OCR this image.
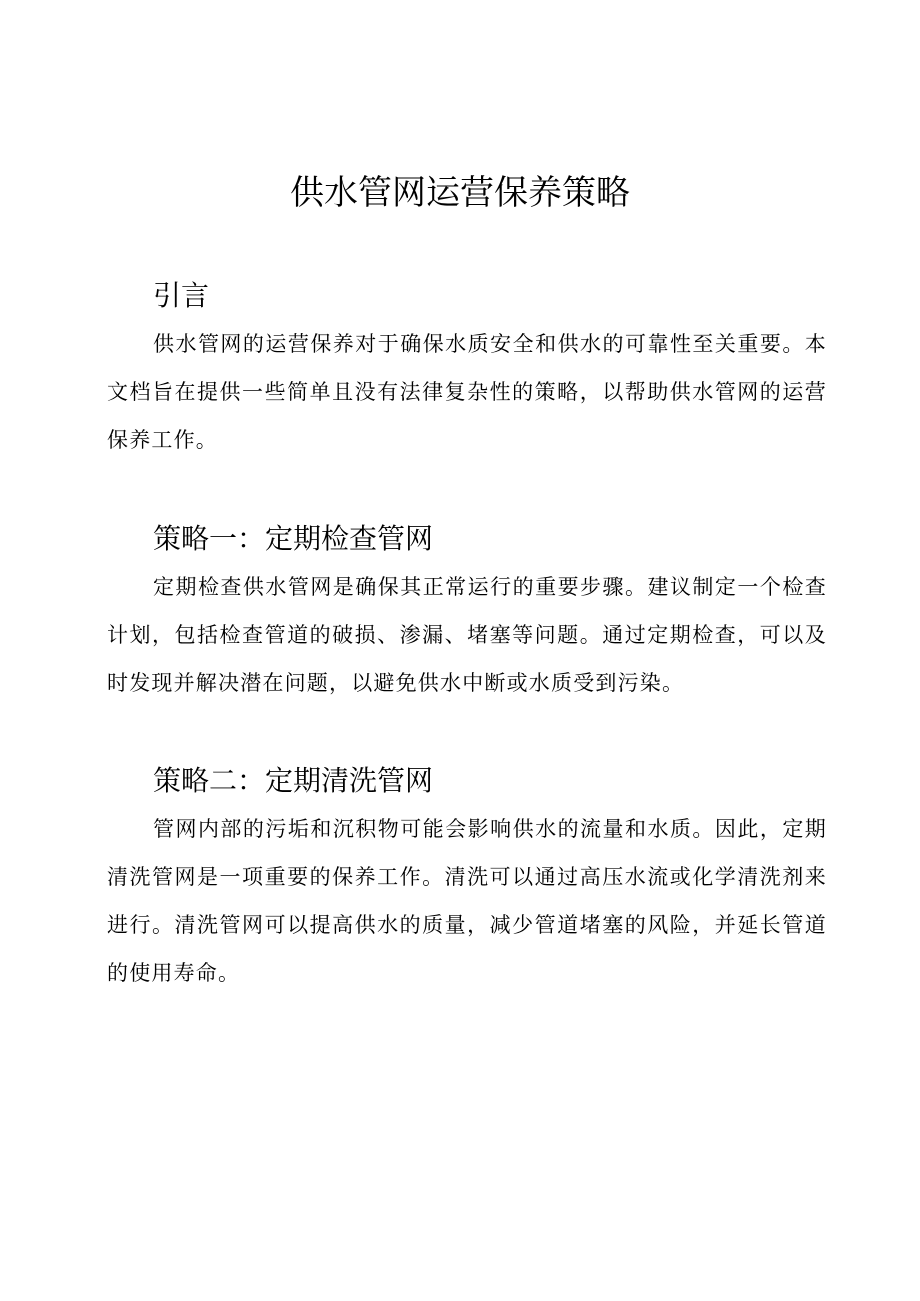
供水管网运营保养策略
引言

供水管网的运营保养对于确保水质安全和供水的可靠性至关重要。本文档旨在提供一些简单且没有法律复杂性的策略，以帮助供水管网的运营保养工作。

策略一：定期检查管网

定期检查供水管网是确保其正常运行的重要步骤。建议制定一个检查计划，包括检查管道的破损、渗漏、堵塞等问题。通过定期检查，可以及时发现并解决潜在问题，以避免供水中断或水质受到污染。

策略二：定期清洗管网

管网内部的污垢和沉积物可能会影响供水的流量和水质。因此，定期清洗管网是一项重要的保养工作。清洗可以通过高压水流或化学清洗剂来进行。清洗管网可以提高供水的质量，减少管道堵塞的风险，并延长管道的使用寿命。
